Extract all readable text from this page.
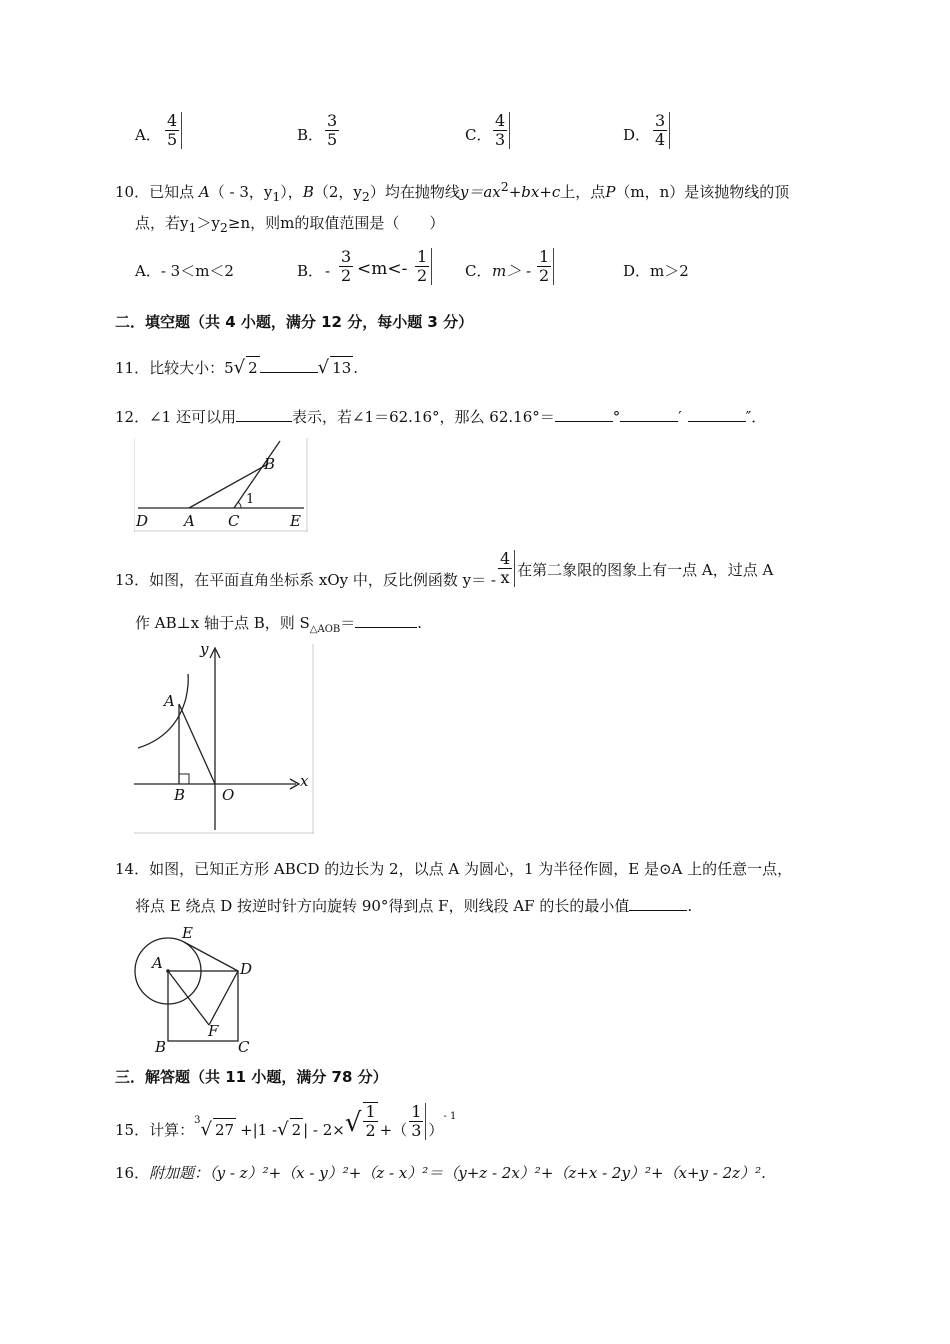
A． $\frac{4}{5}$	B． $\frac{3}{5}$	C． $\frac{4}{3}$	D． $\frac{3}{4}$
10．已知点 A（ - 3，$y_1$），B（2，$y_2$）均在抛物线$y=ax^2+bx+c$上，点P（m，n）是该抛物线的顶
点，若$y_1>y_2\ge n$，则m的取值范围是（　　）
A．- 3＜m＜2	B． - $\frac{3}{2} <m<- \frac{1}{2}$ C． $m> - \frac{1}{2}$	D．m＞2
二．填空题（共 4 小题，满分 12 分，每小题 3 分）
11．比较大小：5√ 2	√ 13 .
12．∠1 还可以用	表示，若∠1＝62.16°，那么 62.16°＝	°	′	″．
D A C	E
B
1
13．如图，在平面直角坐标系 xOy 中，反比例函数 $y= - \frac{4}{x}$ 在第二象限的图象上有一点 A，过点 A
作 AB⊥x 轴于点 B，则 $S_{\triangle AOB}=$	.
y
x
A
B O
14．如图，已知正方形 ABCD 的边长为 2，以点 A 为圆心，1 为半径作圆，E 是⊙A 上的任意一点，
将点 E 绕点 D 按逆时针方向旋转 90°得到点 F，则线段 AF 的长的最小值	.
E
A	D
F
B	C
三．解答题（共 11 小题，满分 78 分）
15．计算：$^3$√ 27 +|1 -√ 2 | - $2\times√ \frac{1}{2}$ +（ $\frac{1}{3} )^{- 1}$
16．附加题：（y - z）²+（x - y）²+（z - x）²＝（y+z - 2x）²+（z+x - 2y）²+（x+y - 2z）².
